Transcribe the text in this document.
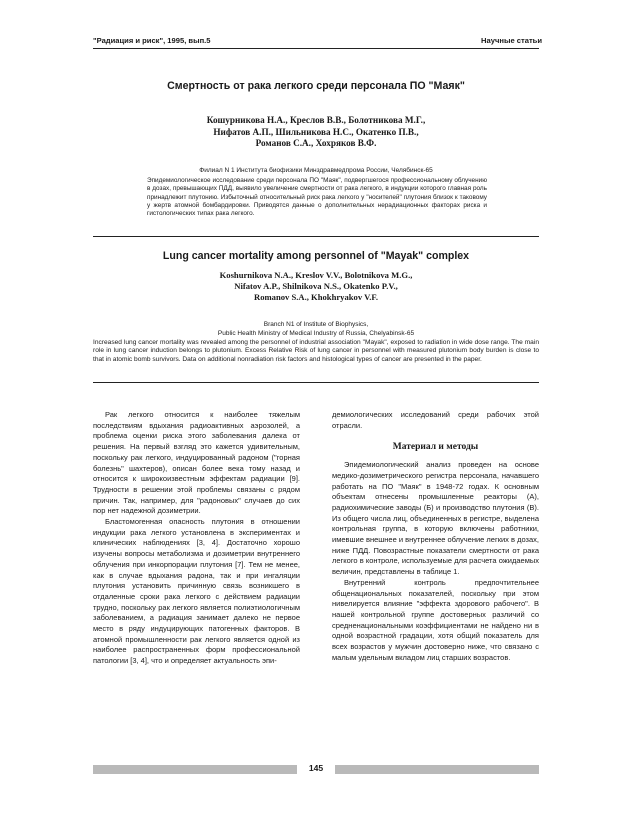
"Радиация и риск", 1995, вып.5	Научные статьи
Смертность от рака легкого среди персонала ПО "Маяк"
Кошурникова Н.А., Креслов В.В., Болотникова М.Г.,
Нифатов А.П., Шильникова Н.С., Окатенко П.В.,
Романов С.А., Хохряков В.Ф.
Филиал N 1 Института биофизики Минздравмедпрома России, Челябинск-65
Эпидемиологическое исследование среди персонала ПО "Маяк", подвергшегося профессиональному облучению в дозах, превышающих ПДД, выявило увеличение смертности от рака легкого, в индукции которого главная роль принадлежит плутонию. Избыточный относительный риск рака легкого у "носителей" плутония близок к таковому у жертв атомной бомбардировки. Приводятся данные о дополнительных нерадиационных факторах риска и гистологических типах рака легкого.
Lung cancer mortality among personnel of "Mayak" complex
Koshurnikova N.A., Kreslov V.V., Bolotnikova M.G.,
Nifatov A.P., Shilnikova N.S., Okatenko P.V.,
Romanov S.A., Khokhryakov V.F.
Branch N1 of Institute of Biophysics,
Public Health Ministry of Medical Industry of Russia, Chelyabinsk-65
Increased lung cancer mortality was revealed among the personnel of industrial association "Mayak", exposed to radiation in wide dose range. The main role in lung cancer induction belongs to plutonium. Excess Relative Risk of lung cancer in personnel with measured plutonium body burden is close to that in atomic bomb survivors. Data on additional nonradiation risk factors and histological types of cancer are presented in the paper.

Рак легкого относится к наиболее тяжелым последствиям вдыхания радиоактивных аэрозолей, а проблема оценки риска этого заболевания далека от решения. На первый взгляд это кажется удивительным, поскольку рак легкого, индуцированный радоном ("горная болезнь" шахтеров), описан более века тому назад и относится к широкоизвестным эффектам радиации [9]. Трудности в решении этой проблемы связаны с рядом причин. Так, например, для "радоновых" случаев до сих пор нет надежной дозиметрии.

Бластомогенная опасность плутония в отношении индукции рака легкого установлена в экспериментах и клинических наблюдениях [3, 4]. Достаточно хорошо изучены вопросы метаболизма и дозиметрии внутреннего облучения при инкорпорации плутония [7]. Тем не менее, как в случае вдыхания радона, так и при ингаляции плутония установить причинную связь возникшего в отдаленные сроки рака легкого с действием радиации трудно, поскольку рак легкого является полиэтиологичным заболеванием, а радиация занимает далеко не первое место в ряду индуцирующих патогенных факторов. В атомной промышленности рак легкого является одной из наиболее распространенных форм профессиональной патологии [3, 4], что и определяет актуальность эпи-

демиологических исследований среди рабочих этой отрасли.

Материал и методы

Эпидемиологический анализ проведен на основе медико-дозиметрического регистра персонала, начавшего работать на ПО "Маяк" в 1948-72 годах. К основным объектам отнесены промышленные реакторы (А), радиохимические заводы (Б) и производство плутония (В). Из общего числа лиц, объединенных в регистре, выделена контрольная группа, в которую включены работники, имевшие внешнее и внутреннее облучение легких в дозах, ниже ПДД. Повозрастные показатели смертности от рака легкого в контроле, используемые для расчета ожидаемых величин, представлены в таблице 1.

Внутренний контроль предпочтительнее общенациональных показателей, поскольку при этом нивелируется влияние "эффекта здорового рабочего". В нашей контрольной группе достоверных различий со средненациональными коэффициентами не найдено ни в одной возрастной градации, хотя общий показатель для всех возрастов у мужчин достоверно ниже, что связано с малым удельным вкладом лиц старших возрастов.

145
